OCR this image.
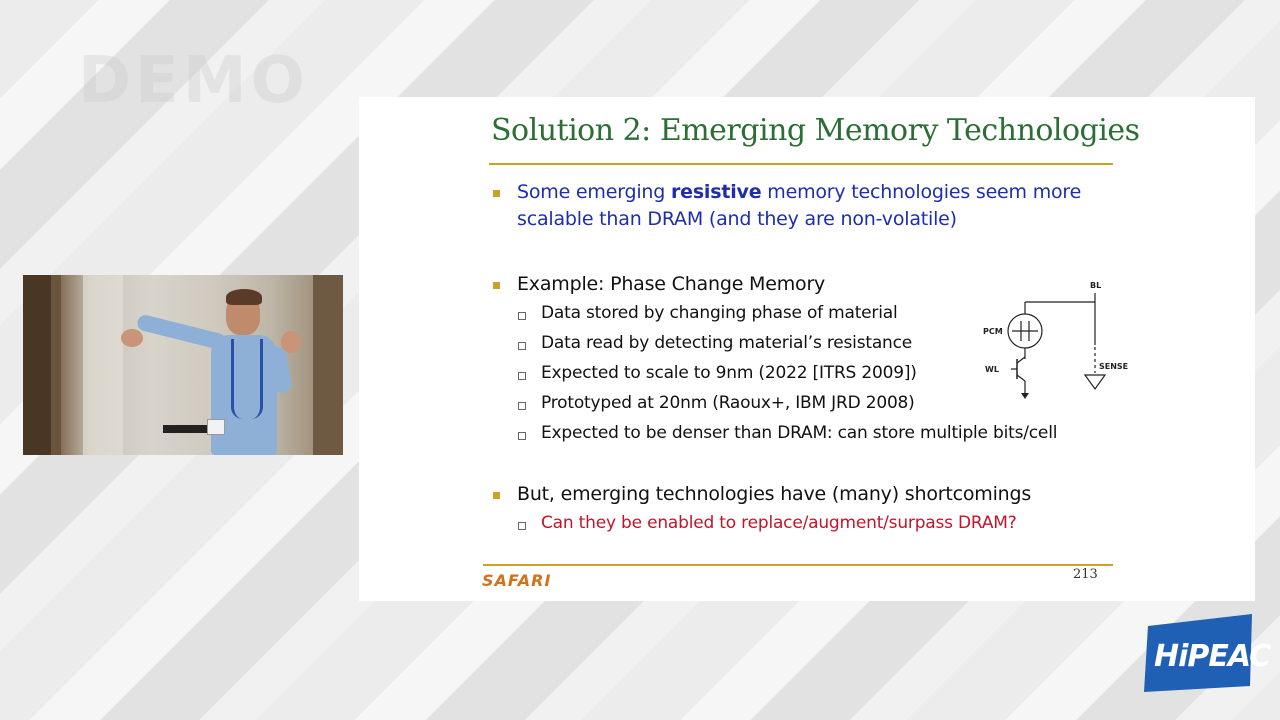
DEMO
Solution 2: Emerging Memory Technologies
Some emerging resistive memory technologies seem more
scalable than DRAM (and they are non-volatile)
Example: Phase Change Memory
Data stored by changing phase of material
Data read by detecting material’s resistance
Expected to scale to 9nm (2022 [ITRS 2009])
Prototyped at 20nm (Raoux+, IBM JRD 2008)
Expected to be denser than DRAM: can store multiple bits/cell
But, emerging technologies have (many) shortcomings
Can they be enabled to replace/augment/surpass DRAM?
BL
PCM
WL	SENSE
SAFARI	213
HiPEAC
